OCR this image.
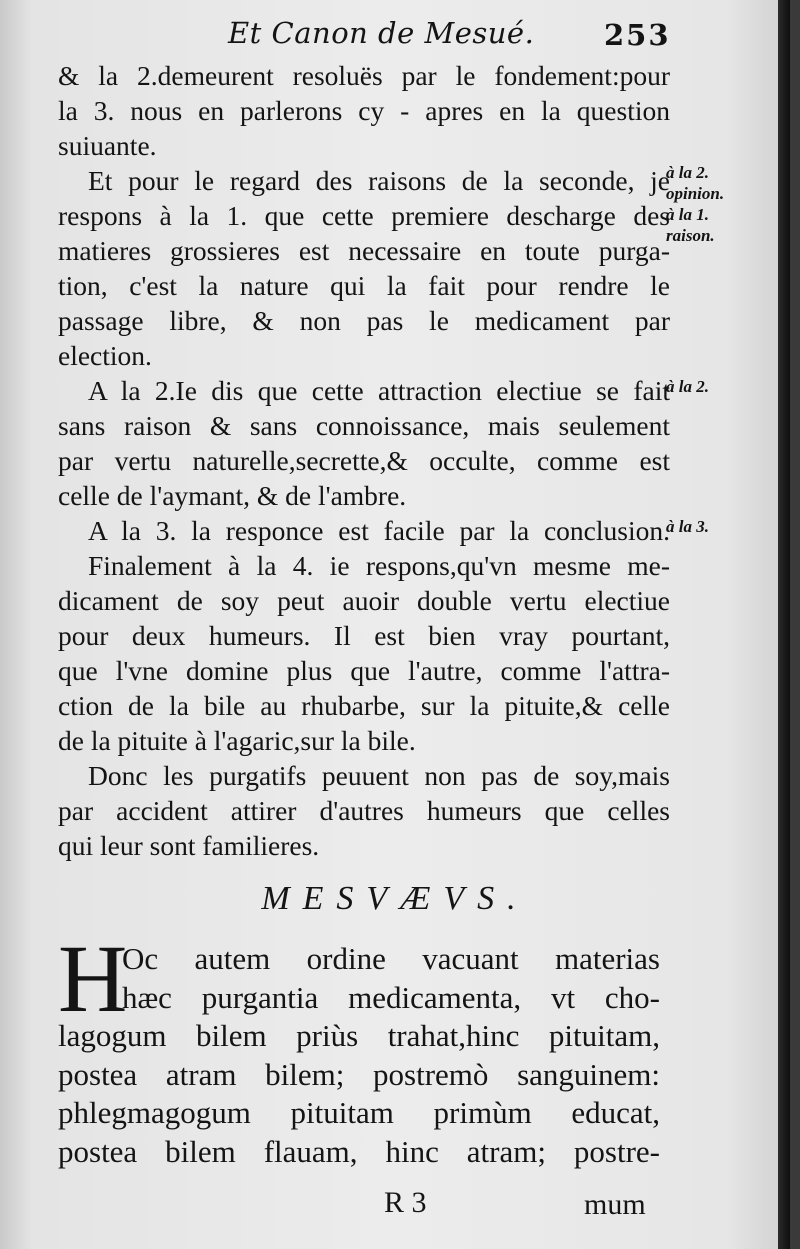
Et Canon de Mesué. 253
& la 2.demeurent resoluës par le fondement:pour
la 3. nous en parlerons cy - apres en la question
suiuante.
Et pour le regard des raisons de la seconde, je
respons à la 1. que cette premiere descharge des
matieres grossieres est necessaire en toute purga-
tion, c'est la nature qui la fait pour rendre le
passage libre, & non pas le medicament par
election.
A la 2.Ie dis que cette attraction electiue se fait
sans raison & sans connoissance, mais seulement
par vertu naturelle,secrette,& occulte, comme est
celle de l'aymant, & de l'ambre.
A la 3. la responce est facile par la conclusion.
Finalement à la 4. ie respons,qu'vn mesme me-
dicament de soy peut auoir double vertu electiue
pour deux humeurs. Il est bien vray pourtant,
que l'vne domine plus que l'autre, comme l'attra-
ction de la bile au rhubarbe, sur la pituite,& celle
de la pituite à l'agaric,sur la bile.
Donc les purgatifs peuuent non pas de soy,mais
par accident attirer d'autres humeurs que celles
qui leur sont familieres.
à la 2.
opinion.
à la 1.
raison.
à la 2.
à la 3.
MESVÆVS.
H
Oc autem ordine vacuant materias
hæc purgantia medicamenta, vt cho-
lagogum bilem priùs trahat,hinc pituitam,
postea atram bilem; postremò sanguinem:
phlegmagogum pituitam primùm educat,
postea bilem flauam, hinc atram; postre-
R 3	mum
